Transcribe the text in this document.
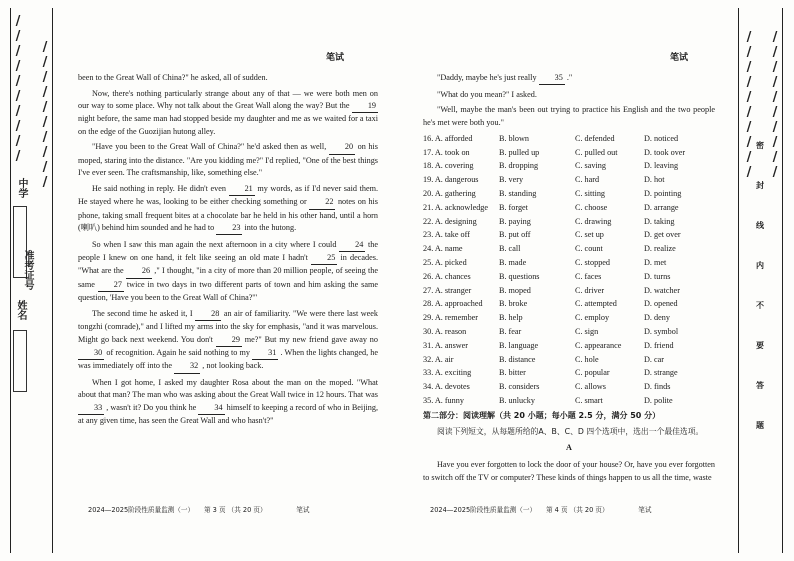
/
/
/
/
/
/
/
/
/
/
/
/
/
/
/
/
/
/
/
/
中学
姓名
准考证号
/
/
/
/
/
/
/
/
/
/
/
/
/
/
/
/
/
/
/
/
密
封
线
内
不
要
答
题
笔试	笔试

been to the Great Wall of China?" he asked, all of sudden.

Now, there's nothing particularly strange about any of that — we were both men on our way to some place. Why not talk about the Great Wall along the way? But the 19 night before, the same man had stopped beside my daughter and me as we waited for a taxi on the edge of the Guozijian hutong alley.

"Have you been to the Great Wall of China?" he'd asked then as well, 20 on his moped, staring into the distance. "Are you kidding me?" I'd replied, "One of the best things I've ever seen. The craftsmanship, like, something else."

He said nothing in reply. He didn't even 21 my words, as if I'd never said them. He stayed where he was, looking to be either checking something or 22 notes on his phone, taking small frequent bites at a chocolate bar he held in his other hand, until a horn (喇叭) behind him sounded and he had to 23 into the hutong.

So when I saw this man again the next afternoon in a city where I could 24 the people I knew on one hand, it felt like seeing an old mate I hadn't 25 in decades. "What are the 26 ," I thought, "in a city of more than 20 million people, of seeing the same 27 twice in two days in two different parts of town and him asking the same question, 'Have you been to the Great Wall of China?'"

The second time he asked it, I 28 an air of familiarity. "We were there last week tongzhi (comrade)," and I lifted my arms into the sky for emphasis, "and it was marvelous. Might go back next weekend. You don't 29 me?" But my new friend gave away no 30 of recognition. Again he said nothing to my 31 . When the lights changed, he was immediately off into the 32 , not looking back.

When I got home, I asked my daughter Rosa about the man on the moped. "What about that man? The man who was asking about the Great Wall twice in 12 hours. That was 33 , wasn't it? Do you think he 34 himself to keeping a record of who in Beijing, at any given time, has seen the Great Wall and who hasn't?"

2024—2025阶段性质量监测（一）　　第 3 页 （共 20 页）　　　　　笔试

"Daddy, maybe he's just really 35 ."

"What do you mean?" I asked.

"Well, maybe the man's been out trying to practice his English and the two people he's met were both you."

16. A. afforded	B. blown	C. defended	D. noticed
17. A. took on	B. pulled up	C. pulled out	D. took over
18. A. covering	B. dropping	C. saving	D. leaving
19. A. dangerous	B. very	C. hard	D. hot
20. A. gathering	B. standing	C. sitting	D. pointing
21. A. acknowledge	B. forget	C. choose	D. arrange
22. A. designing	B. paying	C. drawing	D. taking
23. A. take off	B. put off	C. set up	D. get over
24. A. name	B. call	C. count	D. realize
25. A. picked	B. made	C. stopped	D. met
26. A. chances	B. questions	C. faces	D. turns
27. A. stranger	B. moped	C. driver	D. watcher
28. A. approached	B. broke	C. attempted	D. opened
29. A. remember	B. help	C. employ	D. deny
30. A. reason	B. fear	C. sign	D. symbol
31. A. answer	B. language	C. appearance	D. friend
32. A. air	B. distance	C. hole	D. car
33. A. exciting	B. bitter	C. popular	D. strange
34. A. devotes	B. considers	C. allows	D. finds
35. A. funny	B. unlucky	C. smart	D. polite
第二部分：阅读理解（共 20 小题；每小题 2.5 分，满分 50 分）
阅读下列短文，从每题所给的A、B、C、D 四个选项中，选出一个最佳选项。
A

Have you ever forgotten to lock the door of your house? Or, have you ever forgotten to switch off the TV or computer? These kinds of things happen to us all the time, waste

2024—2025阶段性质量监测（一）　　第 4 页 （共 20 页）　　　　　笔试
